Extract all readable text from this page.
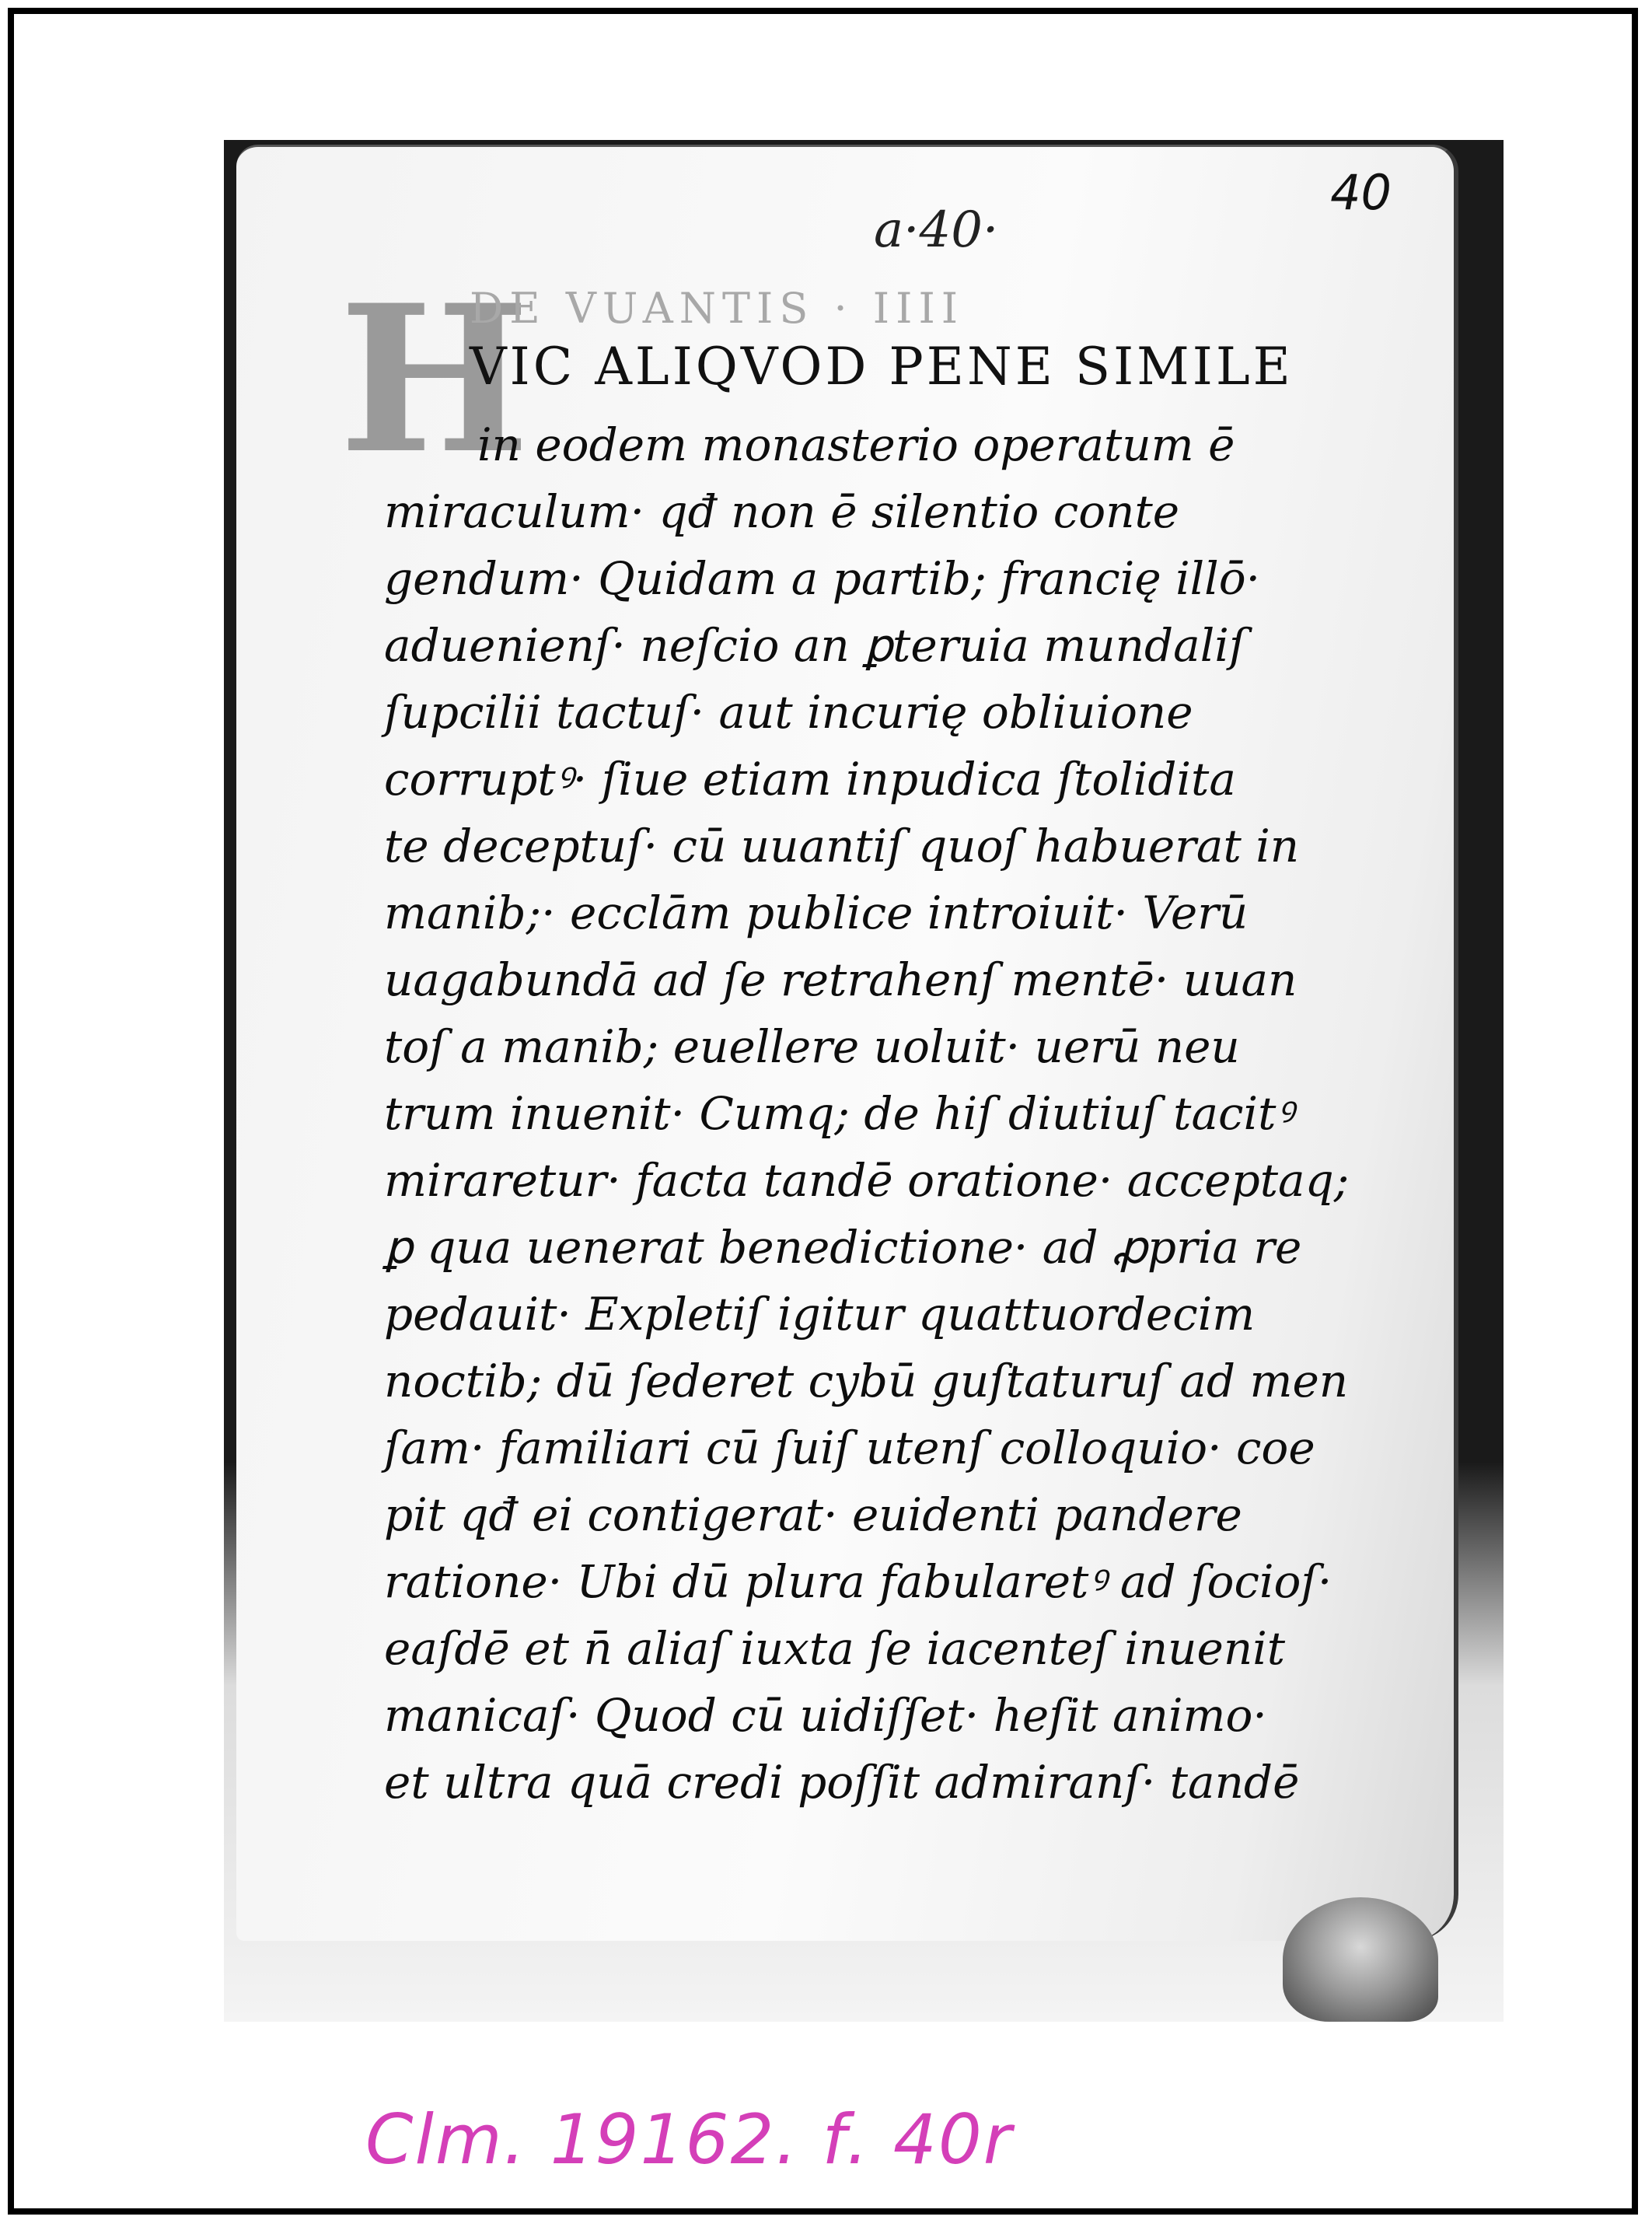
40
a·40·
H
DE VUANTIS · IIII
VIC ALIQVOD PENE SIMILE
in eodem monasterio operatum ē
miraculum· qđ non ē silentio conte
gendum· Quidam a partib; francię illō·
aduenienſ· neſcio an ꝑteruia mundaliſ
ſupcilii tactuſ· aut incurię obliuione
corruptꝰ· ſiue etiam inpudica ſtolidita
te deceptuſ· cū uuantiſ quoſ habuerat in
manib;· ecclām publice introiuit· Verū
uagabundā ad ſe retrahenſ mentē· uuan
toſ a manib; euellere uoluit· uerū neu
trum inuenit· Cumq; de hiſ diutiuſ tacitꝰ
miraretur· facta tandē oratione· acceptaq;
ꝑ qua uenerat benedictione· ad ꝓpria re
pedauit· Expletiſ igitur quattuordecim
noctib; dū ſederet cybū guſtaturuſ ad men
ſam· familiari cū ſuiſ utenſ colloquio· coe
pit qđ ei contigerat· euidenti pandere
ratione· Ubi dū plura fabularetꝰ ad ſocioſ·
eaſdē et n̄ aliaſ iuxta ſe iacenteſ inuenit
manicaſ· Quod cū uidiſſet· heſit animo·
et ultra quā credi poſſit admiranſ· tandē
Clm. 19162. f. 40r
